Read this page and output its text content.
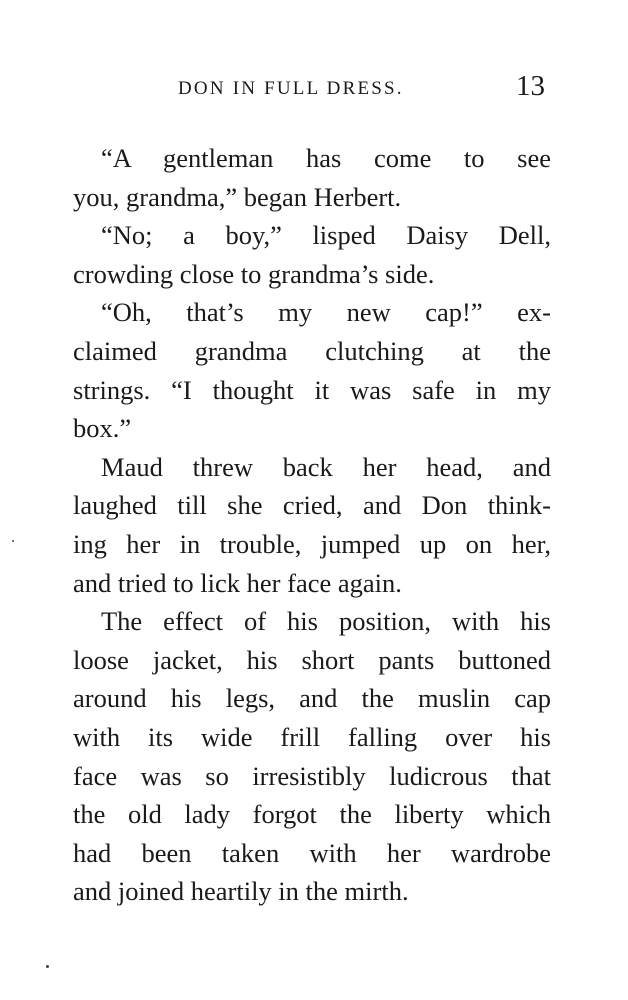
DON IN FULL DRESS.	13
“A gentleman has come to see
you, grandma,” began Herbert.
“No; a boy,” lisped Daisy Dell,
crowding close to grandma’s side.
“Oh, that’s my new cap!” ex-
claimed grandma clutching at the
strings. “I thought it was safe in my
box.”
Maud threw back her head, and
laughed till she cried, and Don think-
ing her in trouble, jumped up on her,
and tried to lick her face again.
The effect of his position, with his
loose jacket, his short pants buttoned
around his legs, and the muslin cap
with its wide frill falling over his
face was so irresistibly ludicrous that
the old lady forgot the liberty which
had been taken with her wardrobe
and joined heartily in the mirth.
